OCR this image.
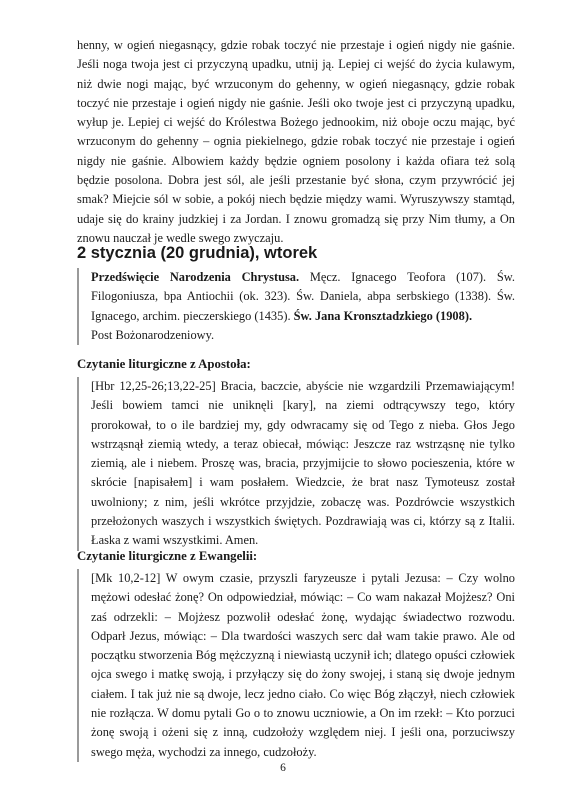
henny, w ogień niegasnący, gdzie robak toczyć nie przestaje i ogień nigdy nie gaśnie. Jeśli noga twoja jest ci przyczyną upadku, utnij ją. Lepiej ci wejść do życia kulawym, niż dwie nogi mając, być wrzuconym do gehenny, w ogień niegasnący, gdzie robak toczyć nie przestaje i ogień nigdy nie gaśnie. Jeśli oko twoje jest ci przyczyną upadku, wyłup je. Lepiej ci wejść do Królestwa Bożego jednookim, niż oboje oczu mając, być wrzuconym do gehenny – ognia piekielnego, gdzie robak toczyć nie przestaje i ogień nigdy nie gaśnie. Albowiem każdy będzie ogniem posolony i każda ofiara też solą będzie posolona. Dobra jest sól, ale jeśli przestanie być słona, czym przywrócić jej smak? Miejcie sól w sobie, a pokój niech będzie między wami. Wyruszywszy stamtąd, udaje się do krainy judzkiej i za Jordan. I znowu gromadzą się przy Nim tłumy, a On znowu nauczał je wedle swego zwyczaju.

2 stycznia (20 grudnia), wtorek

Przedświęcie Narodzenia Chrystusa. Męcz. Ignacego Teofora (107). Św. Filogoniusza, bpa Antiochii (ok. 323). Św. Daniela, abpa serbskiego (1338). Św. Ignacego, archim. pieczerskiego (1435). Św. Jana Kronsztadzkiego (1908).

Post Bożonarodzeniowy.

Czytanie liturgiczne z Apostoła:

[Hbr 12,25-26;13,22-25] Bracia, baczcie, abyście nie wzgardzili Przemawiającym! Jeśli bowiem tamci nie uniknęli [kary], na ziemi odtrącywszy tego, który prorokował, to o ile bardziej my, gdy odwracamy się od Tego z nieba. Głos Jego wstrząsnął ziemią wtedy, a teraz obiecał, mówiąc: Jeszcze raz wstrząsnę nie tylko ziemią, ale i niebem. Proszę was, bracia, przyjmijcie to słowo pocieszenia, które w skrócie [napisałem] i wam posłałem. Wiedzcie, że brat nasz Tymoteusz został uwolniony; z nim, jeśli wkrótce przyjdzie, zobaczę was. Pozdrówcie wszystkich przełożonych waszych i wszystkich świętych. Pozdrawiają was ci, którzy są z Italii. Łaska z wami wszystkimi. Amen.

Czytanie liturgiczne z Ewangelii:

[Mk 10,2-12] W owym czasie, przyszli faryzeusze i pytali Jezusa: – Czy wolno mężowi odesłać żonę? On odpowiedział, mówiąc: – Co wam nakazał Mojżesz? Oni zaś odrzekli: – Mojżesz pozwolił odesłać żonę, wydając świadectwo rozwodu. Odparł Jezus, mówiąc: – Dla twardości waszych serc dał wam takie prawo. Ale od początku stworzenia Bóg mężczyzną i niewiastą uczynił ich; dlatego opuści człowiek ojca swego i matkę swoją, i przyłączy się do żony swojej, i staną się dwoje jednym ciałem. I tak już nie są dwoje, lecz jedno ciało. Co więc Bóg złączył, niech człowiek nie rozłącza. W domu pytali Go o to znowu uczniowie, a On im rzekł: – Kto porzuci żonę swoją i ożeni się z inną, cudzołoży względem niej. I jeśli ona, porzuciwszy swego męża, wychodzi za innego, cudzołoży.

6
